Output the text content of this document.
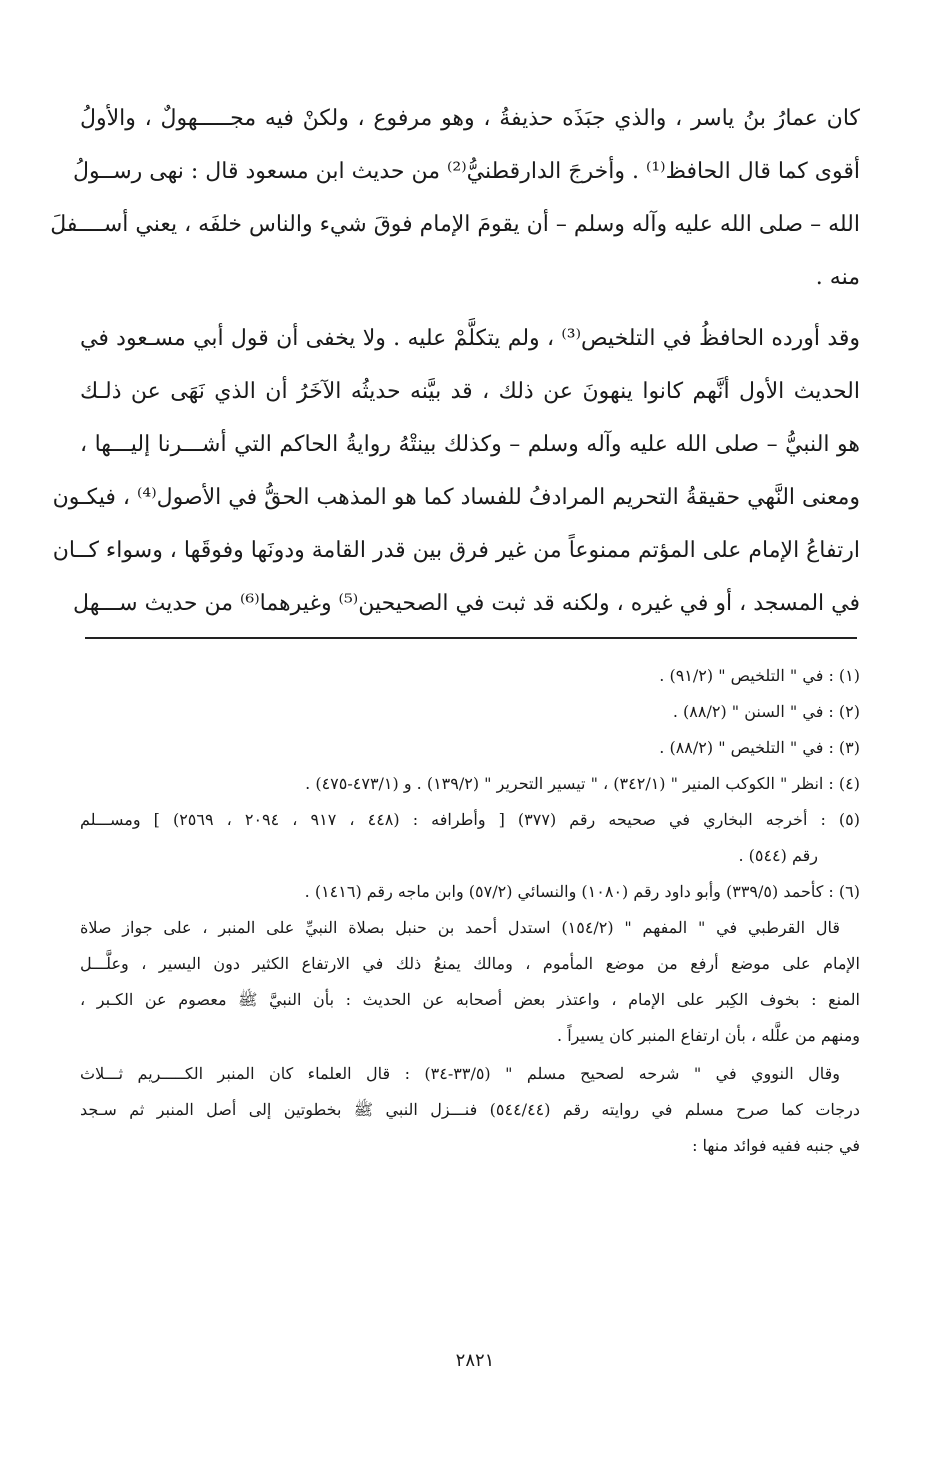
كان عمارُ بنُ ياسر ، والذي جبَذَه حذيفةُ ، وهو مرفوع ، ولكنْ فيه مجـــــهولٌ ، والأولُ
أقوى كما قال الحافظ⁽¹⁾ . وأخرجَ الدارقطنيُّ⁽²⁾ من حديث ابن مسعود قال : نهى رســولُ
الله – صلى الله عليه وآله وسلم – أن يقومَ الإمام فوقَ شيء والناس خلفَه ، يعني أســــفلَ
منه .
وقد أورده الحافظُ في التلخيص⁽³⁾ ، ولم يتكلَّمْ عليه . ولا يخفى أن قول أبي مسـعود في
الحديث الأول أنَّهم كانوا ينهونَ عن ذلك ، قد بيَّنه حديثُه الآخَرُ أن الذي نَهَى عن ذلـك
هو النبيُّ – صلى الله عليه وآله وسلم – وكذلك بينتْهُ روايةُ الحاكم التي أشـــرنا إليـــها ،
ومعنى النَّهي حقيقةُ التحريم المرادفُ للفساد كما هو المذهب الحقُّ في الأصول⁽⁴⁾ ، فيكـون
ارتفاعُ الإمام على المؤتم ممنوعاً من غير فرق بين قدر القامة ودونَها وفوقَها ، وسواء كــان
في المسجد ، أو في غيره ، ولكنه قد ثبت في الصحيحين⁽⁵⁾ وغيرهما⁽⁶⁾ من حديث ســـهل
(١) : في " التلخيص " (٩١/٢) .
(٢) : في " السنن " (٨٨/٢) .
(٣) : في " التلخيص " (٨٨/٢) .
(٤) : انظر " الكوكب المنير " (٣٤٢/١) ، " تيسير التحرير " (١٣٩/٢) . و (٤٧٣/١-٤٧٥) .
(٥) : أخرجه البخاري في صحيحه رقم (٣٧٧) [ وأطرافه : (٤٤٨ ، ٩١٧ ، ٢٠٩٤ ، ٢٥٦٩) ] ومســـلم
رقم (٥٤٤) .
(٦) : كأحمد (٣٣٩/٥) وأبو داود رقم (١٠٨٠) والنسائي (٥٧/٢) وابن ماجه رقم (١٤١٦) .
قال القرطبي في " المفهم " (١٥٤/٢) استدل أحمد بن حنبل بصلاة النبيِّ على المنبر ، على جواز صلاة
الإمام على موضع أرفع من موضع المأموم ، ومالك يمنعُ ذلك في الارتفاع الكثير دون اليسير ، وعلَّـــل
المنع : بخوف الكِبر على الإمام ، واعتذر بعض أصحابه عن الحديث : بأن النبيَّ ﷺ معصوم عن الكـبر ،
ومنهم من علَّله ، بأن ارتفاع المنبر كان يسيراً .
وقال النووي في " شرحه لصحيح مسلم " (٣٣/٥-٣٤) : قال العلماء كان المنبر الكـــــريم ثـــلاث
درجات كما صرح مسلم في روايته رقم (٥٤٤/٤٤) فنـــزل النبي ﷺ بخطوتين إلى أصل المنبر ثم سـجد
في جنبه ففيه فوائد منها :
٢٨٢١
